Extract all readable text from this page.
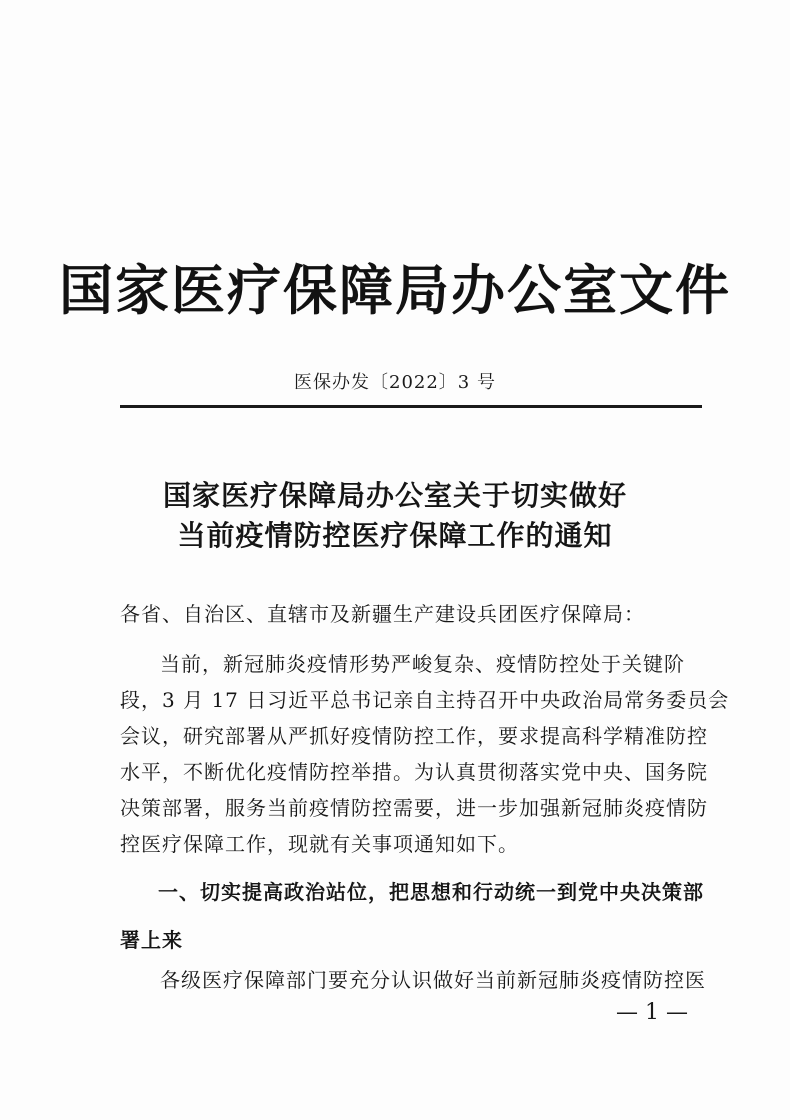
国家医疗保障局办公室文件
医保办发〔2022〕3 号
国家医疗保障局办公室关于切实做好
当前疫情防控医疗保障工作的通知
各省、自治区、直辖市及新疆生产建设兵团医疗保障局：
当前，新冠肺炎疫情形势严峻复杂、疫情防控处于关键阶
段，3 月 17 日习近平总书记亲自主持召开中央政治局常务委员会
会议，研究部署从严抓好疫情防控工作，要求提高科学精准防控
水平，不断优化疫情防控举措。为认真贯彻落实党中央、国务院
决策部署，服务当前疫情防控需要，进一步加强新冠肺炎疫情防
控医疗保障工作，现就有关事项通知如下。
一、切实提高政治站位，把思想和行动统一到党中央决策部
署上来
各级医疗保障部门要充分认识做好当前新冠肺炎疫情防控医
— 1 —
